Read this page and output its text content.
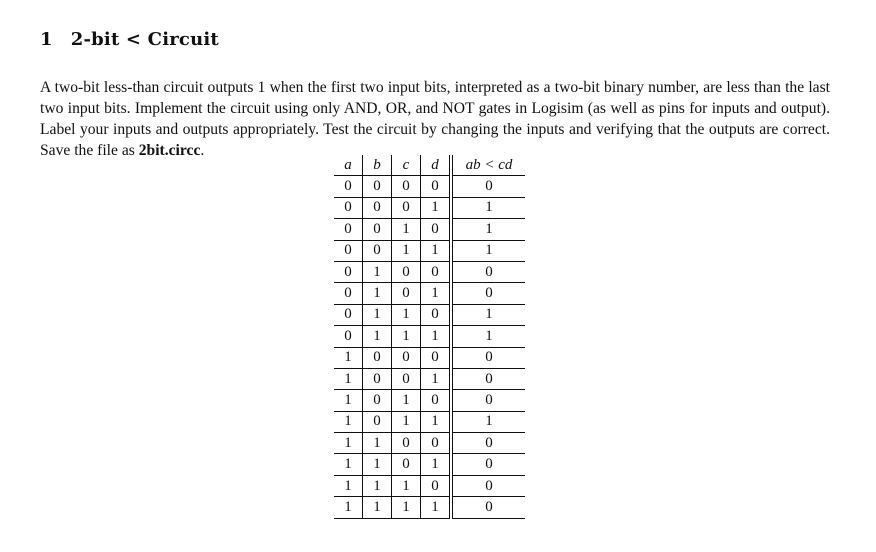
1 2-bit < Circuit

A two-bit less-than circuit outputs 1 when the first two input bits, interpreted as a two-bit binary number, are less than the last two input bits. Implement the circuit using only AND, OR, and NOT gates in Logisim (as well as pins for inputs and output). Label your inputs and outputs appropriately. Test the circuit by changing the inputs and verifying that the outputs are correct. Save the file as 2bit.circc.

a	b	c	d	ab < cd
0	0	0	0	0
0	0	0	1	1
0	0	1	0	1
0	0	1	1	1
0	1	0	0	0
0	1	0	1	0
0	1	1	0	1
0	1	1	1	1
1	0	0	0	0
1	0	0	1	0
1	0	1	0	0
1	0	1	1	1
1	1	0	0	0
1	1	0	1	0
1	1	1	0	0
1	1	1	1	0
